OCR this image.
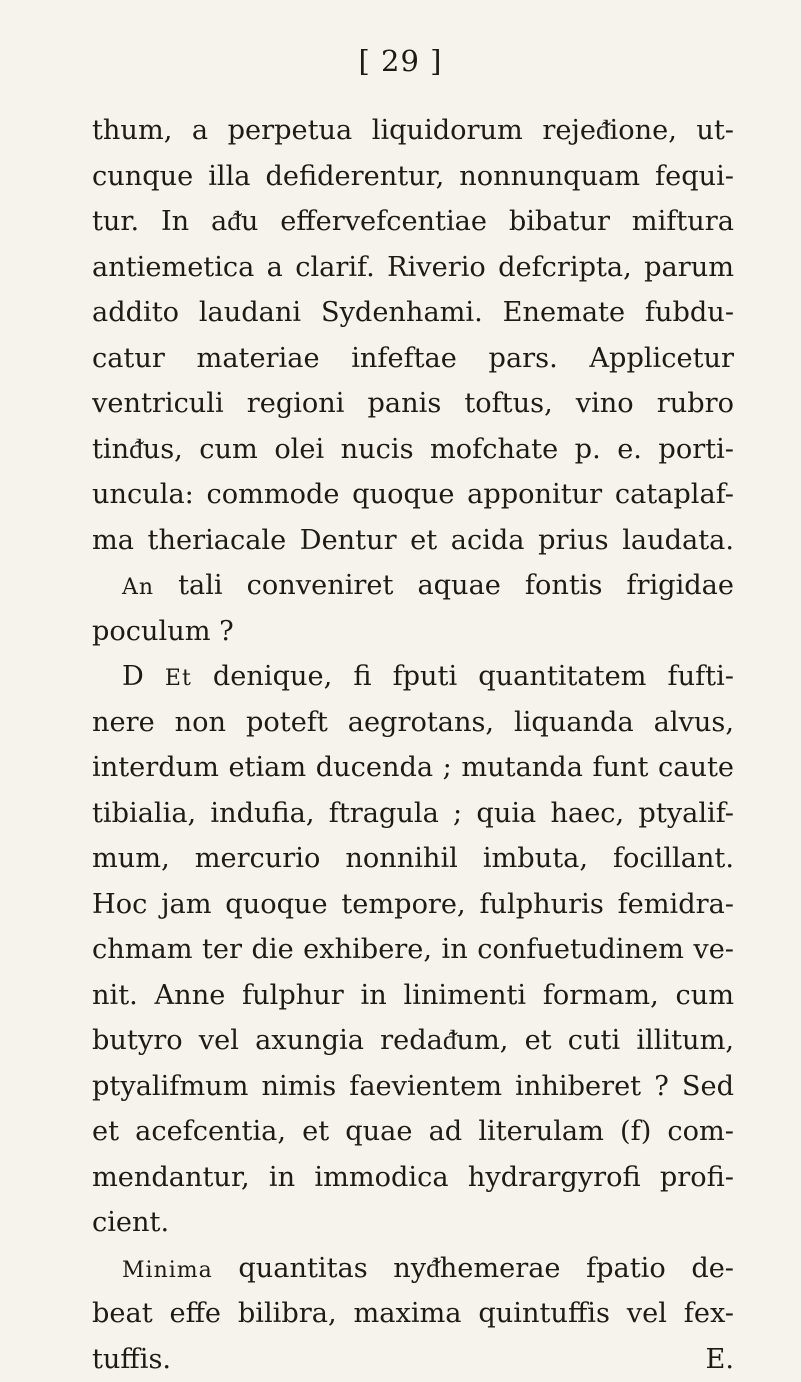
[ 29 ]
thum, a perpetua liquidorum rejeᵭione, ut-
cunque illa defiderentur, nonnunquam fequi-
tur. In aᵭu effervefcentiae bibatur miftura
antiemetica a clarif. Riverio defcripta, parum
addito laudani Sydenhami. Enemate fubdu-
catur materiae infeftae pars. Applicetur
ventriculi regioni panis toftus, vino rubro
tinᵭus, cum olei nucis mofchate p. e. porti-
uncula: commode quoque apponitur cataplaf-
ma theriacale Dentur et acida prius laudata.
An tali conveniret aquae fontis frigidae
poculum ?
D Et denique, fi fputi quantitatem fufti-
nere non poteft aegrotans, liquanda alvus,
interdum etiam ducenda ; mutanda funt caute
tibialia, indufia, ftragula ; quia haec, ptyalif-
mum, mercurio nonnihil imbuta, focillant.
Hoc jam quoque tempore, fulphuris femidra-
chmam ter die exhibere, in confuetudinem ve-
nit. Anne fulphur in linimenti formam, cum
butyro vel axungia redaᵭum, et cuti illitum,
ptyalifmum nimis faevientem inhiberet ? Sed
et acefcentia, et quae ad literulam (f) com-
mendantur, in immodica hydrargyrofi profi-
cient.
Minima quantitas nyᵭhemerae fpatio de-
beat effe bilibra, maxima quintuffis vel fex-
tuffis.	E.
